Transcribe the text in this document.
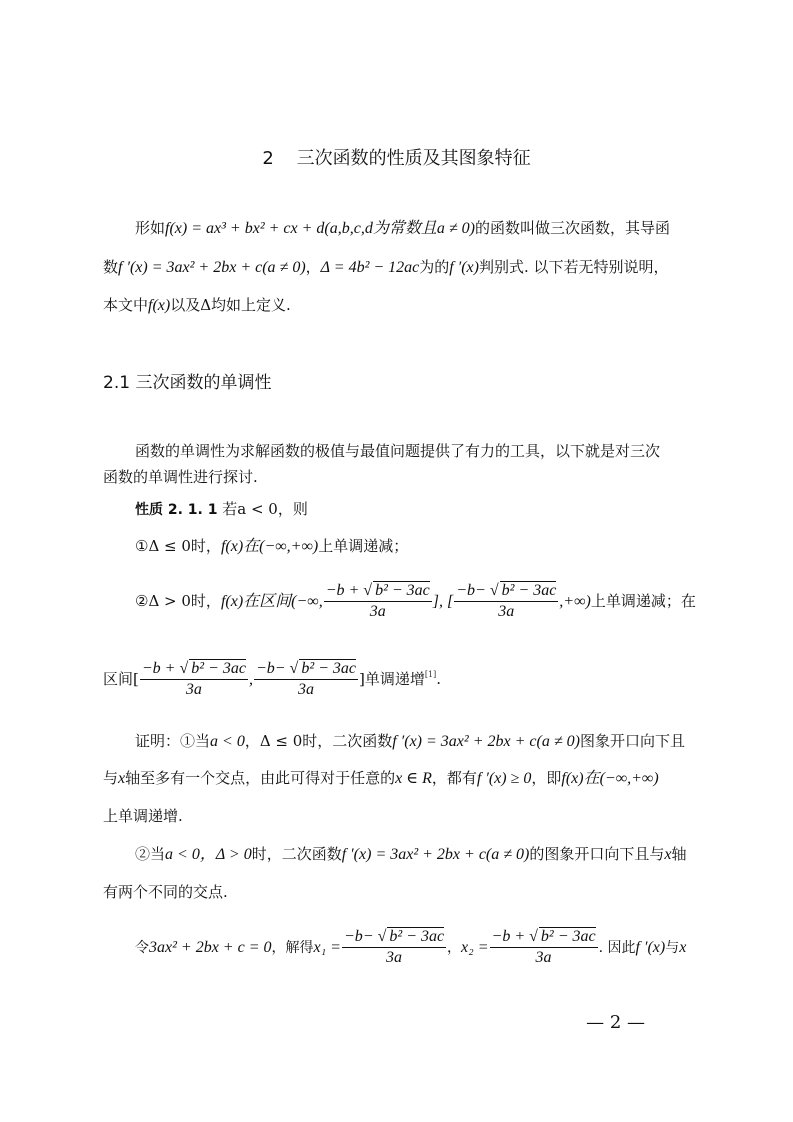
2 三次函数的性质及其图象特征
形如f(x) = ax³ + bx² + cx + d(a,b,c,d为常数且a ≠ 0)的函数叫做三次函数，其导函
数f ′(x) = 3ax² + 2bx + c(a ≠ 0)，Δ = 4b² − 12ac为的f ′(x)判别式. 以下若无特别说明，
本文中f(x)以及Δ均如上定义.
2.1 三次函数的单调性
函数的单调性为求解函数的极值与最值问题提供了有力的工具，以下就是对三次
函数的单调性进行探讨.
性质 2. 1. 1 若a < 0，则
①Δ ≤ 0时，f(x)在(−∞,+∞)上单调递减；
②Δ > 0时，f(x)在区间(−∞, $\frac{\text{−b + √ b² − 3ac}}{3a}$ ], [ $\frac{\text{−b− √ b² − 3ac}}{3a}$ ,+∞)上单调递减；在
区间[ $\frac{\text{−b + √ b² − 3ac}}{3a}$ , $\frac{\text{−b− √ b² − 3ac}}{3a}$ ]单调递增[1].
证明：①当a < 0，Δ ≤ 0时，二次函数f ′(x) = 3ax² + 2bx + c(a ≠ 0)图象开口向下且
与x轴至多有一个交点，由此可得对于任意的x ∈ R，都有f ′(x) ≥ 0，即f(x)在(−∞,+∞)
上单调递增.
②当a < 0，Δ > 0时，二次函数f ′(x) = 3ax² + 2bx + c(a ≠ 0)的图象开口向下且与x轴
有两个不同的交点.
令3ax² + 2bx + c = 0，解得$x_1 = \frac{\text{−b− √ b² − 3ac}}{3a}$ ，$x_2 = \frac{\text{−b + √ b² − 3ac}}{3a}$ . 因此f ′(x)与x
— 2 —
